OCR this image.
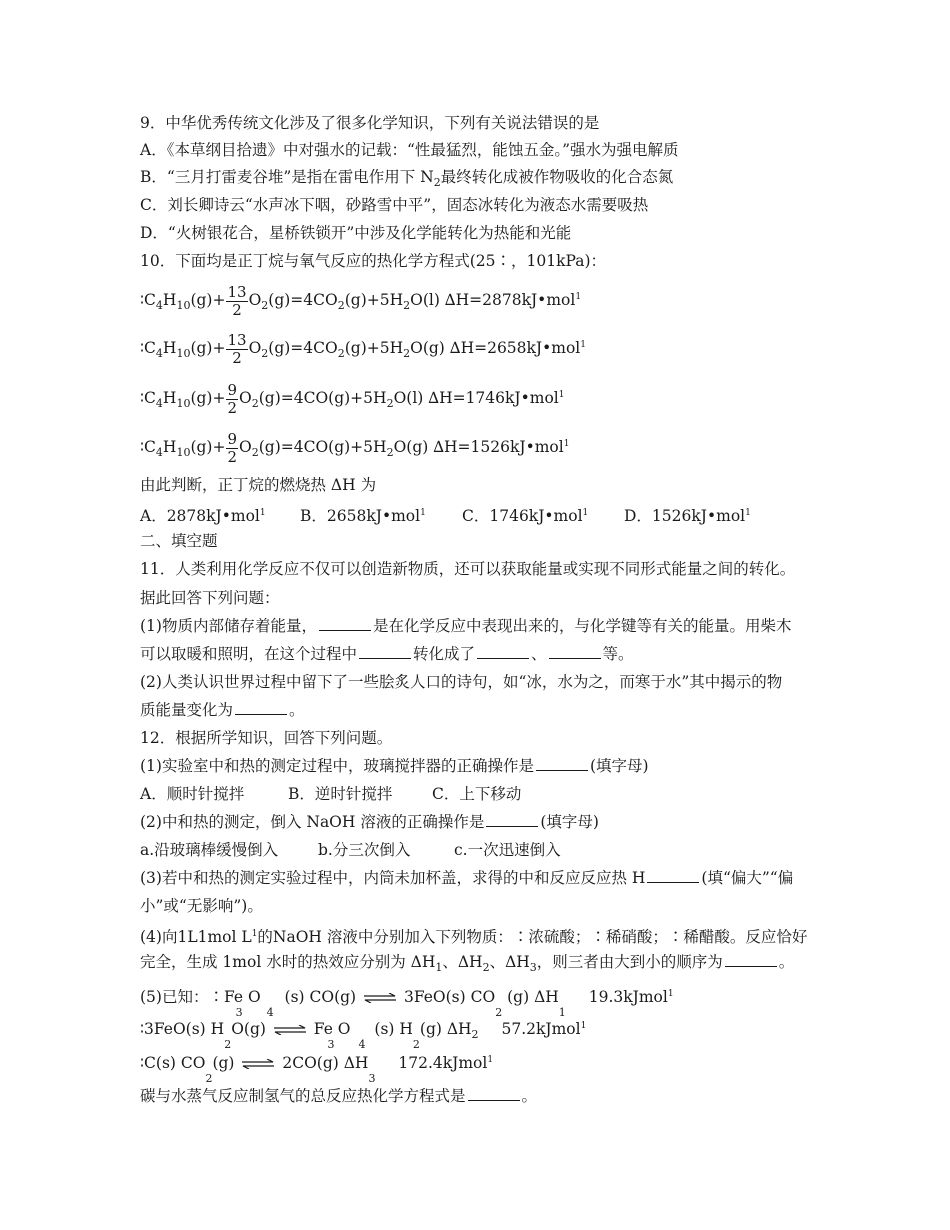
9．中华优秀传统文化涉及了很多化学知识，下列有关说法错误的是
A．《本草纲目拾遗》中对强水的记载：“性最猛烈，能蚀五金。”强水为强电解质
B．“三月打雷麦谷堆”是指在雷电作用下 $N_2$最终转化成被作物吸收的化合态氮
C．刘长卿诗云“水声冰下咽，砂路雪中平”，固态冰转化为液态水需要吸热
D．“火树银花合，星桥铁锁开”中涉及化学能转化为热能和光能
10．下面均是正丁烷与氧气反应的热化学方程式(25∶，101kPa)：
$∶C_4H_{10}(g)+ \frac{13}{2} O_2(g)=4CO_2(g)+5H_2O(l)$ ∆H=2878kJ•mol$^1$
$∶C_4H_{10}(g)+ \frac{13}{2} O_2(g)=4CO_2(g)+5H_2O(g)$ ∆H=2658kJ•mol$^1$
$∶C_4H_{10}(g)+ \frac{9}{2} O_2(g)=4CO(g)+5H_2O(l)$ ∆H=1746kJ•mol$^1$
$∶C_4H_{10}(g)+ \frac{9}{2} O_2(g)=4CO(g)+5H_2O(g)$ ∆H=1526kJ•mol$^1$
由此判断，正丁烷的燃烧热 ΔH 为
A．2878kJ•mol$^1$ B．2658kJ•mol$^1$ C．1746kJ•mol$^1$ D．1526kJ•mol$^1$
二、填空题
11．人类利用化学反应不仅可以创造新物质，还可以获取能量或实现不同形式能量之间的转化。
据此回答下列问题：
(1)物质内部储存着能量，	是在化学反应中表现出来的，与化学键等有关的能量。用柴木
可以取暖和照明，在这个过程中	转化成了	、	等。
(2)人类认识世界过程中留下了一些脍炙人口的诗句，如“冰，水为之，而寒于水”其中揭示的物
质能量变化为	。
12．根据所学知识，回答下列问题。
(1)实验室中和热的测定过程中，玻璃搅拌器的正确操作是	(填字母)
A．顺时针搅拌	B．逆时针搅拌	C．上下移动
(2)中和热的测定，倒入 NaOH 溶液的正确操作是	(填字母)
a.沿玻璃棒缓慢倒入	b.分三次倒入	c.一次迅速倒入
(3)若中和热的测定实验过程中，内筒未加杯盖，求得的中和反应反应热 H	(填“偏大”“偏
小”或“无影响”)。
(4)向1L1mol $L^1$的NaOH 溶液中分别加入下列物质：∶浓硫酸；∶稀硝酸；∶稀醋酸。反应恰好
完全，生成 1mol 水时的热效应分别为 $\Delta H_1$、$\Delta H_2$、$\Delta H_3$，则三者由大到小的顺序为	。
(5)已知：∶Fe O $_3$ $_4$ (s) CO(g) ⇌ 3FeO(s) $CO_2$ (g) $\Delta H_1$ 19.3kJmol$^1$
∶3FeO(s) $H_2O(g)$ ⇌ Fe O $_3$ $_4$ (s) $H_2(g)$ $\Delta H_2$ 57.2kJmol$^1$
∶C(s) $CO_2(g)$ ⇌ 2CO(g) $\Delta H_3$ 172.4kJmol$^1$
碳与水蒸气反应制氢气的总反应热化学方程式是	。
